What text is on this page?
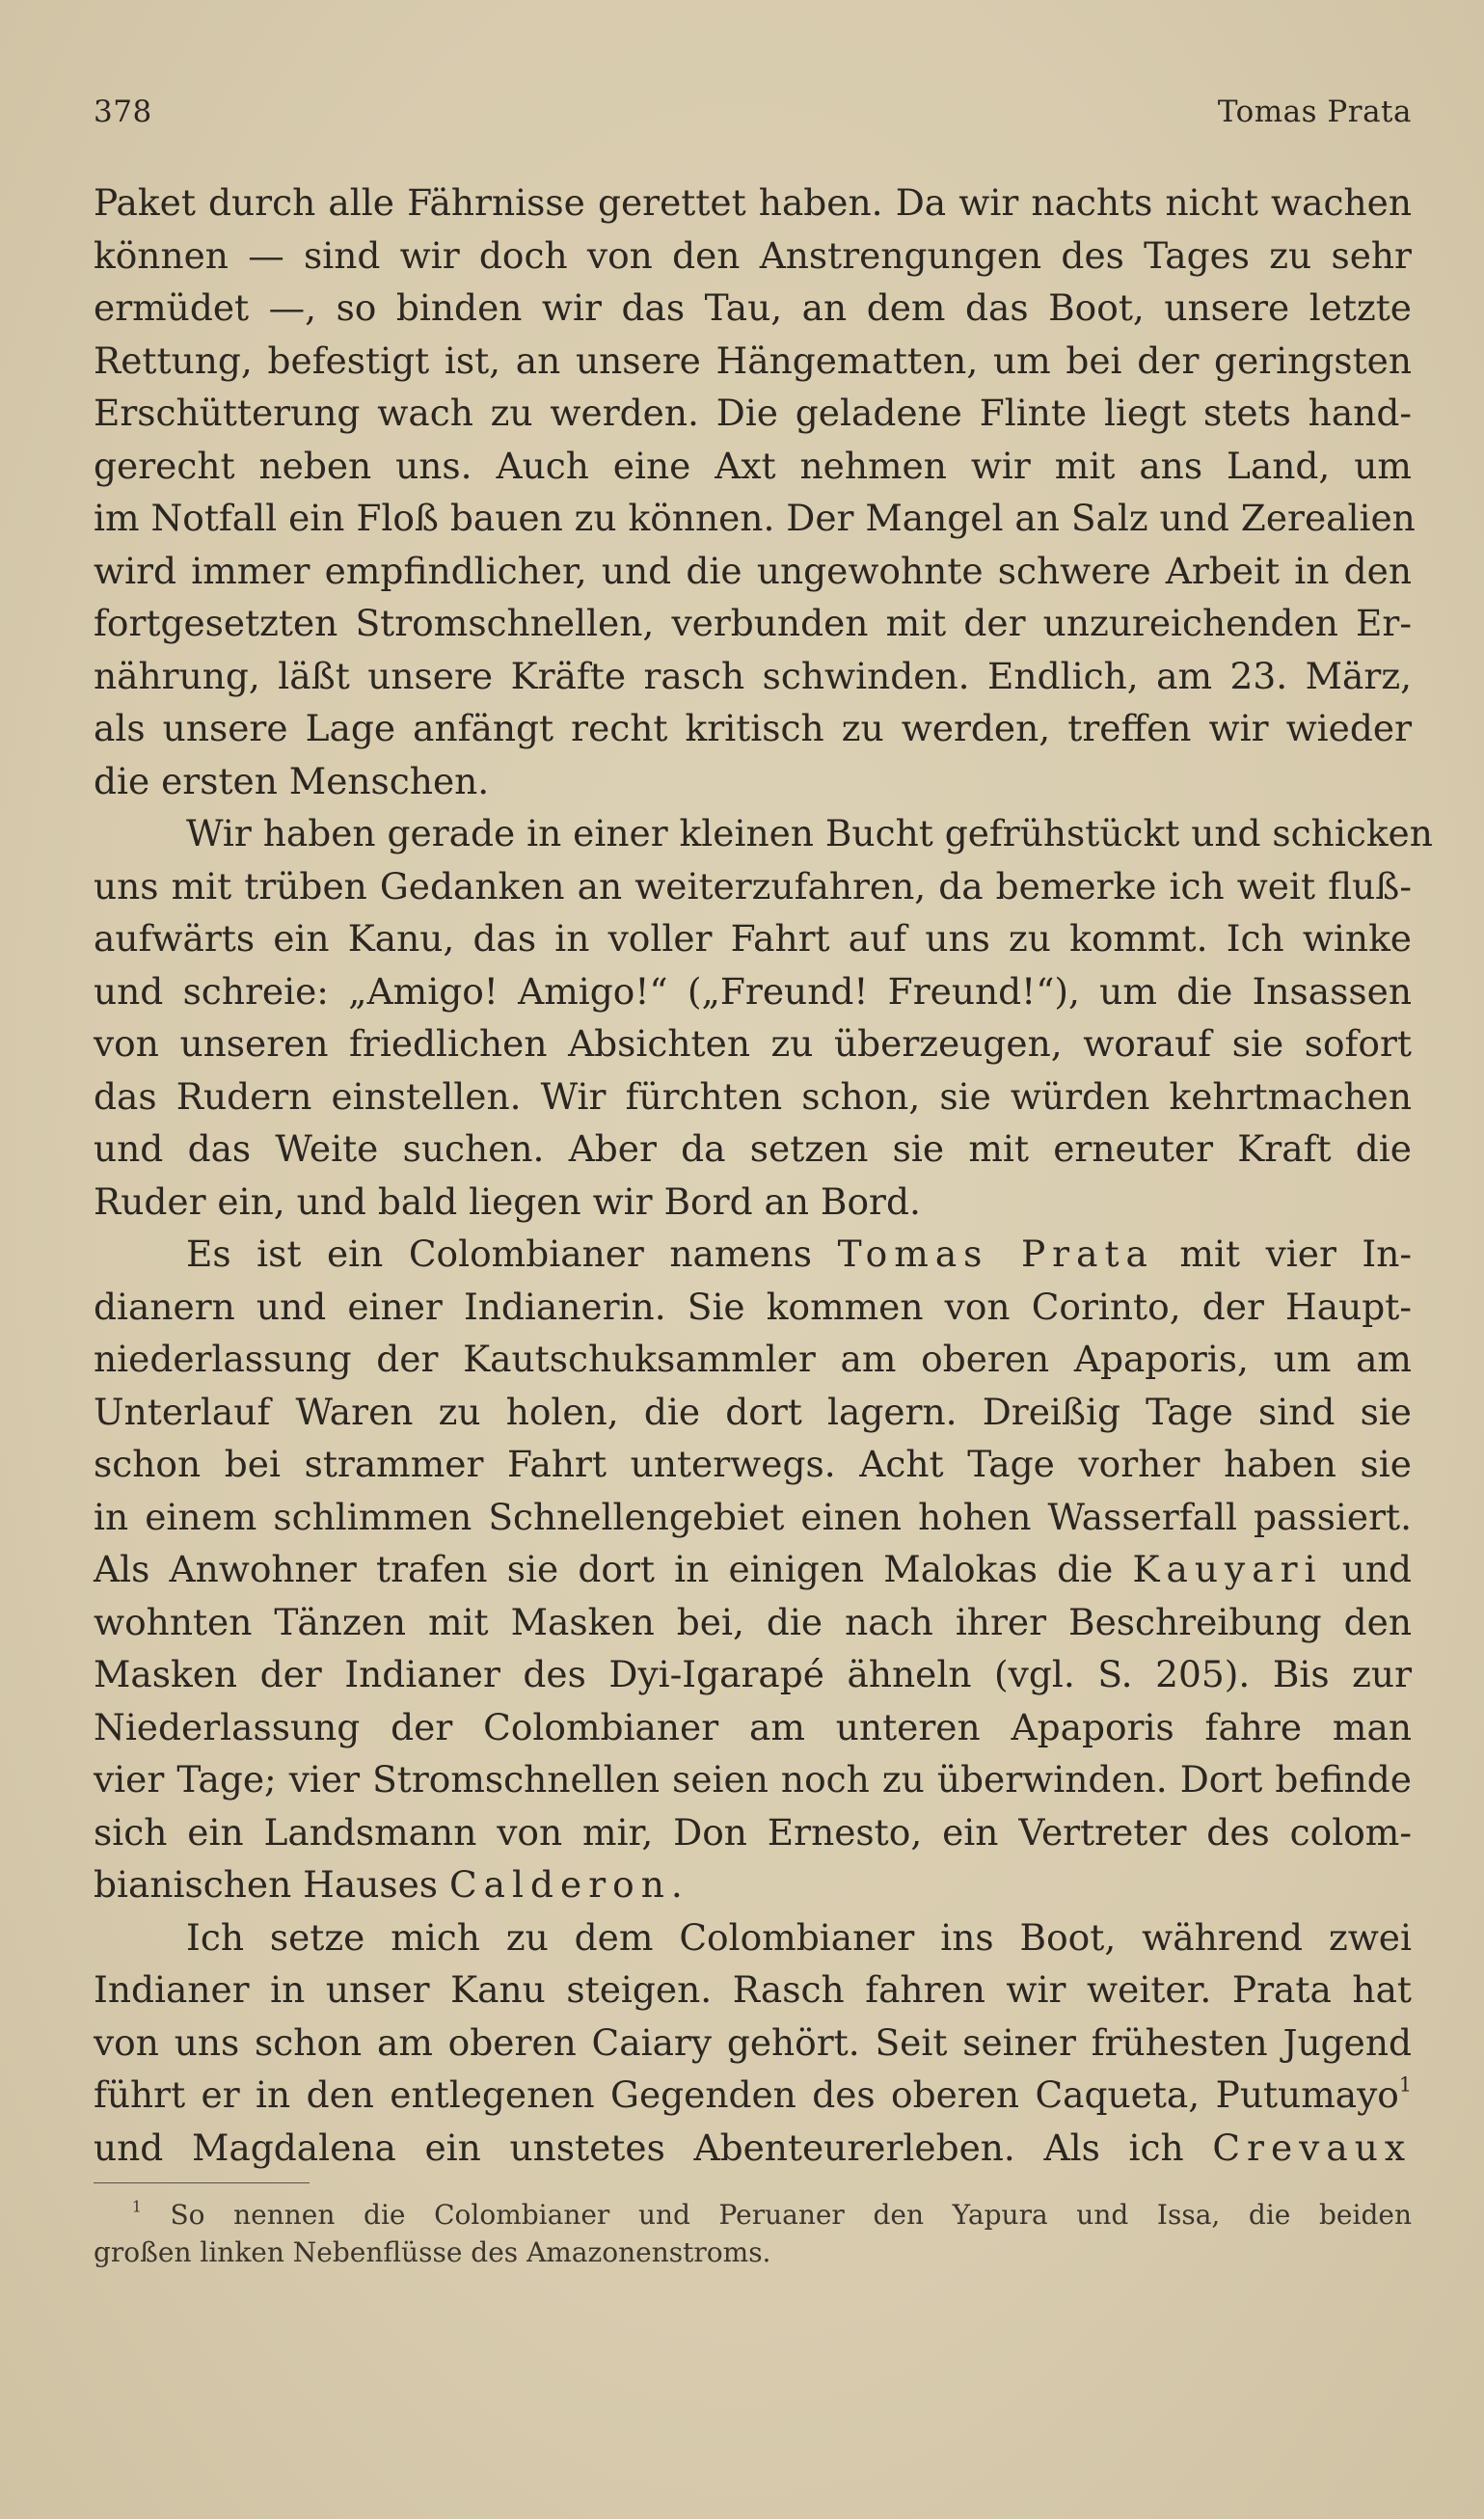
378	Tomas Prata

Paket durch alle Fährnisse gerettet haben. Da wir nachts nicht wachen
können — sind wir doch von den Anstrengungen des Tages zu sehr
ermüdet —, so binden wir das Tau, an dem das Boot, unsere letzte
Rettung, befestigt ist, an unsere Hängematten, um bei der geringsten
Erschütterung wach zu werden. Die geladene Flinte liegt stets hand-
gerecht neben uns. Auch eine Axt nehmen wir mit ans Land, um
im Notfall ein Floß bauen zu können. Der Mangel an Salz und Zerealien
wird immer empfindlicher, und die ungewohnte schwere Arbeit in den
fortgesetzten Stromschnellen, verbunden mit der unzureichenden Er-
nährung, läßt unsere Kräfte rasch schwinden. Endlich, am 23. März,
als unsere Lage anfängt recht kritisch zu werden, treffen wir wieder
die ersten Menschen.

Wir haben gerade in einer kleinen Bucht gefrühstückt und schicken
uns mit trüben Gedanken an weiterzufahren, da bemerke ich weit fluß-
aufwärts ein Kanu, das in voller Fahrt auf uns zu kommt. Ich winke
und schreie: „Amigo! Amigo!“ („Freund! Freund!“), um die Insassen
von unseren friedlichen Absichten zu überzeugen, worauf sie sofort
das Rudern einstellen. Wir fürchten schon, sie würden kehrtmachen
und das Weite suchen. Aber da setzen sie mit erneuter Kraft die
Ruder ein, und bald liegen wir Bord an Bord.

Es ist ein Colombianer namens Tomas Prata mit vier In-
dianern und einer Indianerin. Sie kommen von Corinto, der Haupt-
niederlassung der Kautschuksammler am oberen Apaporis, um am
Unterlauf Waren zu holen, die dort lagern. Dreißig Tage sind sie
schon bei strammer Fahrt unterwegs. Acht Tage vorher haben sie
in einem schlimmen Schnellengebiet einen hohen Wasserfall passiert.
Als Anwohner trafen sie dort in einigen Malokas die Kauyari und
wohnten Tänzen mit Masken bei, die nach ihrer Beschreibung den
Masken der Indianer des Dyi-Igarapé ähneln (vgl. S. 205). Bis zur
Niederlassung der Colombianer am unteren Apaporis fahre man
vier Tage; vier Stromschnellen seien noch zu überwinden. Dort befinde
sich ein Landsmann von mir, Don Ernesto, ein Vertreter des colom-
bianischen Hauses Calderon.

Ich setze mich zu dem Colombianer ins Boot, während zwei
Indianer in unser Kanu steigen. Rasch fahren wir weiter. Prata hat
von uns schon am oberen Caiary gehört. Seit seiner frühesten Jugend
führt er in den entlegenen Gegenden des oberen Caqueta, Putumayo$^1$
und Magdalena ein unstetes Abenteurerleben. Als ich Crevaux

$^1$ So nennen die Colombianer und Peruaner den Yapura und Issa, die beiden
großen linken Nebenflüsse des Amazonenstroms.
